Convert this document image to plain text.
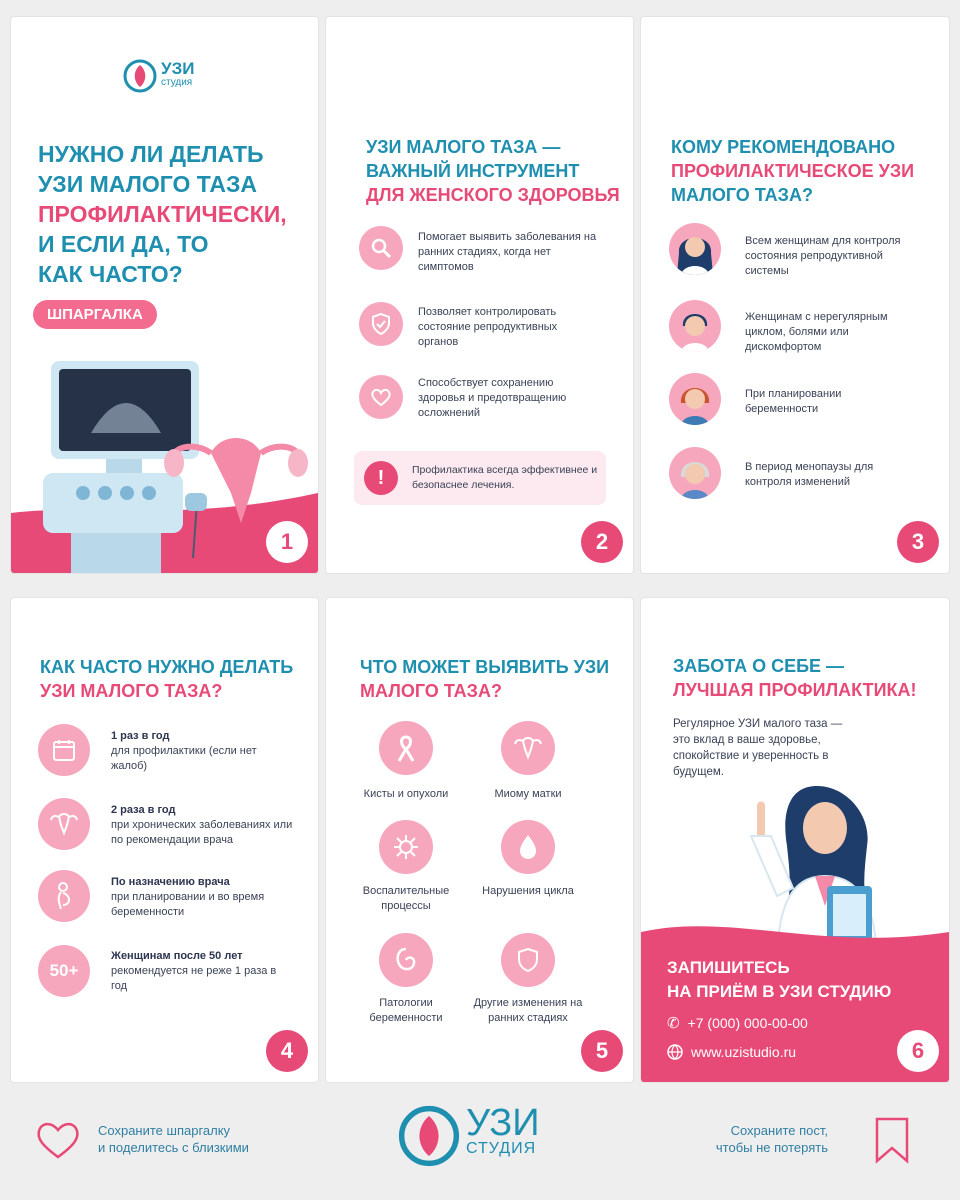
УЗИ
студия
НУЖНО ЛИ ДЕЛАТЬ
УЗИ МАЛОГО ТАЗА
ПРОФИЛАКТИЧЕСКИ,
И ЕСЛИ ДА, ТО
КАК ЧАСТО?
ШПАРГАЛКА
1
УЗИ МАЛОГО ТАЗА —
ВАЖНЫЙ ИНСТРУМЕНТ
ДЛЯ ЖЕНСКОГО ЗДОРОВЬЯ
Помогает выявить заболевания на ранних стадиях, когда нет симптомов
Позволяет контролировать состояние репродуктивных органов
Способствует сохранению здоровья и предотвращению осложнений
!	Профилактика всегда эффективнее и безопаснее лечения.
2
КОМУ РЕКОМЕНДОВАНО
ПРОФИЛАКТИЧЕСКОЕ УЗИ
МАЛОГО ТАЗА?
Всем женщинам для контроля состояния репродуктивной системы
Женщинам с нерегулярным циклом, болями или дискомфортом
При планировании беременности
В период менопаузы для контроля изменений
3
КАК ЧАСТО НУЖНО ДЕЛАТЬ
УЗИ МАЛОГО ТАЗА?
1 раз в год
для профилактики (если нет жалоб)
2 раза в год
при хронических заболеваниях или по рекомендации врача
По назначению врача
при планировании и во время беременности
50+
Женщинам после 50 лет
рекомендуется не реже 1 раза в год
4
ЧТО МОЖЕТ ВЫЯВИТЬ УЗИ
МАЛОГО ТАЗА?
Кисты и опухоли	Миому матки
Воспалительные процессы
Нарушения цикла
Патологии беременности
Другие изменения на ранних стадиях
5
ЗАБОТА О СЕБЕ —
ЛУЧШАЯ ПРОФИЛАКТИКА!
Регулярное УЗИ малого таза — это вклад в ваше здоровье, спокойствие и уверенность в будущем.
ЗАПИШИТЕСЬ
НА ПРИЁМ В УЗИ СТУДИЮ
✆ +7 (000) 000-00-00
www.uzistudio.ru	6
Сохраните шпаргалку
и поделитесь с близкими
УЗИ
СТУДИЯ
Сохраните пост,
чтобы не потерять
